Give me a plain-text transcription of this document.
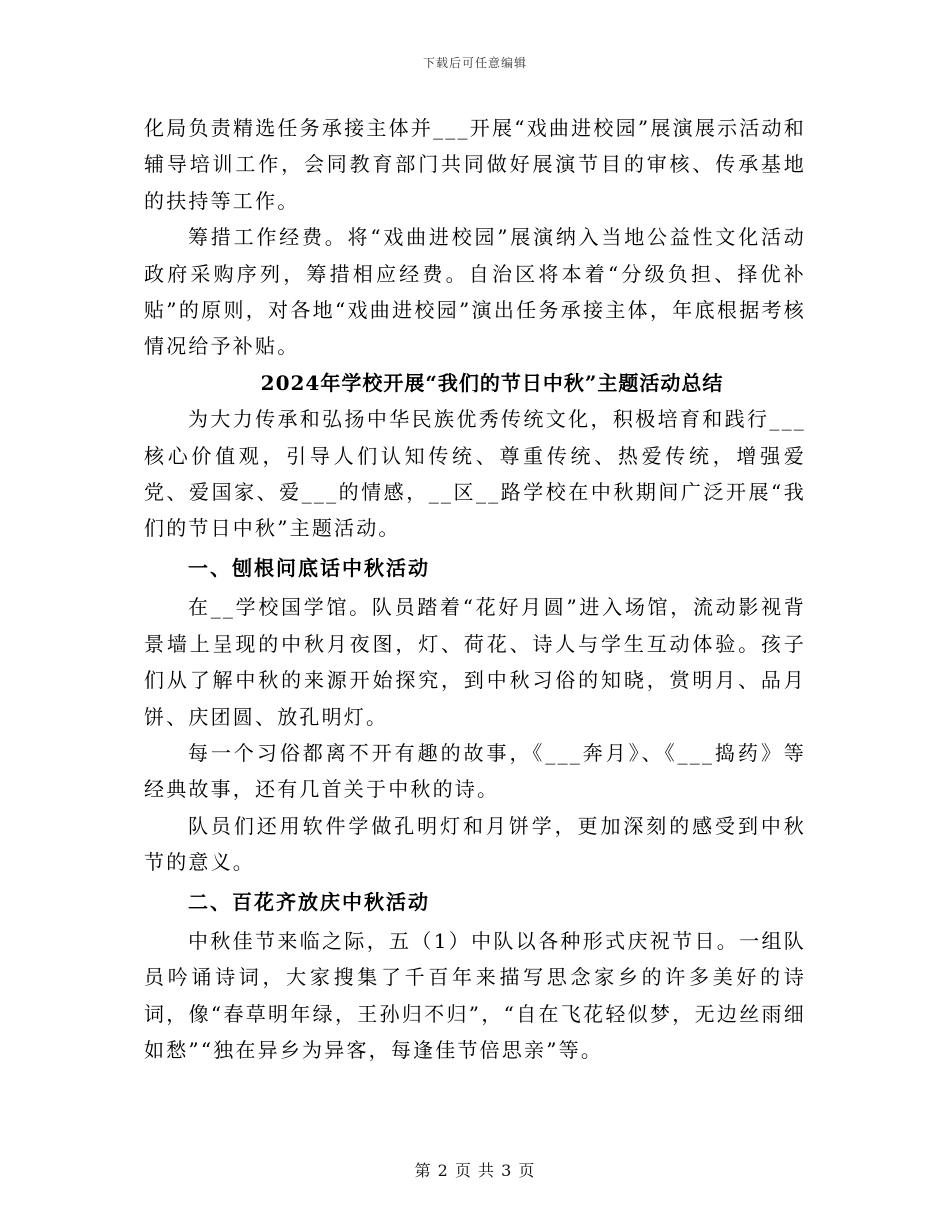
下载后可任意编辑

化局负责精选任务承接主体并___开展“戏曲进校园”展演展示活动和辅导培训工作，会同教育部门共同做好展演节目的审核、传承基地的扶持等工作。

筹措工作经费。将“戏曲进校园”展演纳入当地公益性文化活动政府采购序列，筹措相应经费。自治区将本着“分级负担、择优补贴”的原则，对各地“戏曲进校园”演出任务承接主体，年底根据考核情况给予补贴。

2024年学校开展“我们的节日中秋”主题活动总结

为大力传承和弘扬中华民族优秀传统文化，积极培育和践行___核心价值观，引导人们认知传统、尊重传统、热爱传统，增强爱党、爱国家、爱___的情感，__区__路学校在中秋期间广泛开展“我们的节日中秋”主题活动。

一、刨根问底话中秋活动

在__学校国学馆。队员踏着“花好月圆”进入场馆，流动影视背景墙上呈现的中秋月夜图，灯、荷花、诗人与学生互动体验。孩子们从了解中秋的来源开始探究，到中秋习俗的知晓，赏明月、品月饼、庆团圆、放孔明灯。

每一个习俗都离不开有趣的故事，《___奔月》、《___捣药》等经典故事，还有几首关于中秋的诗。

队员们还用软件学做孔明灯和月饼学，更加深刻的感受到中秋节的意义。

二、百花齐放庆中秋活动

中秋佳节来临之际，五（1）中队以各种形式庆祝节日。一组队员吟诵诗词，大家搜集了千百年来描写思念家乡的许多美好的诗词，像“春草明年绿，王孙归不归”，“自在飞花轻似梦，无边丝雨细如愁”“独在异乡为异客，每逢佳节倍思亲”等。

第 2 页 共 3 页
